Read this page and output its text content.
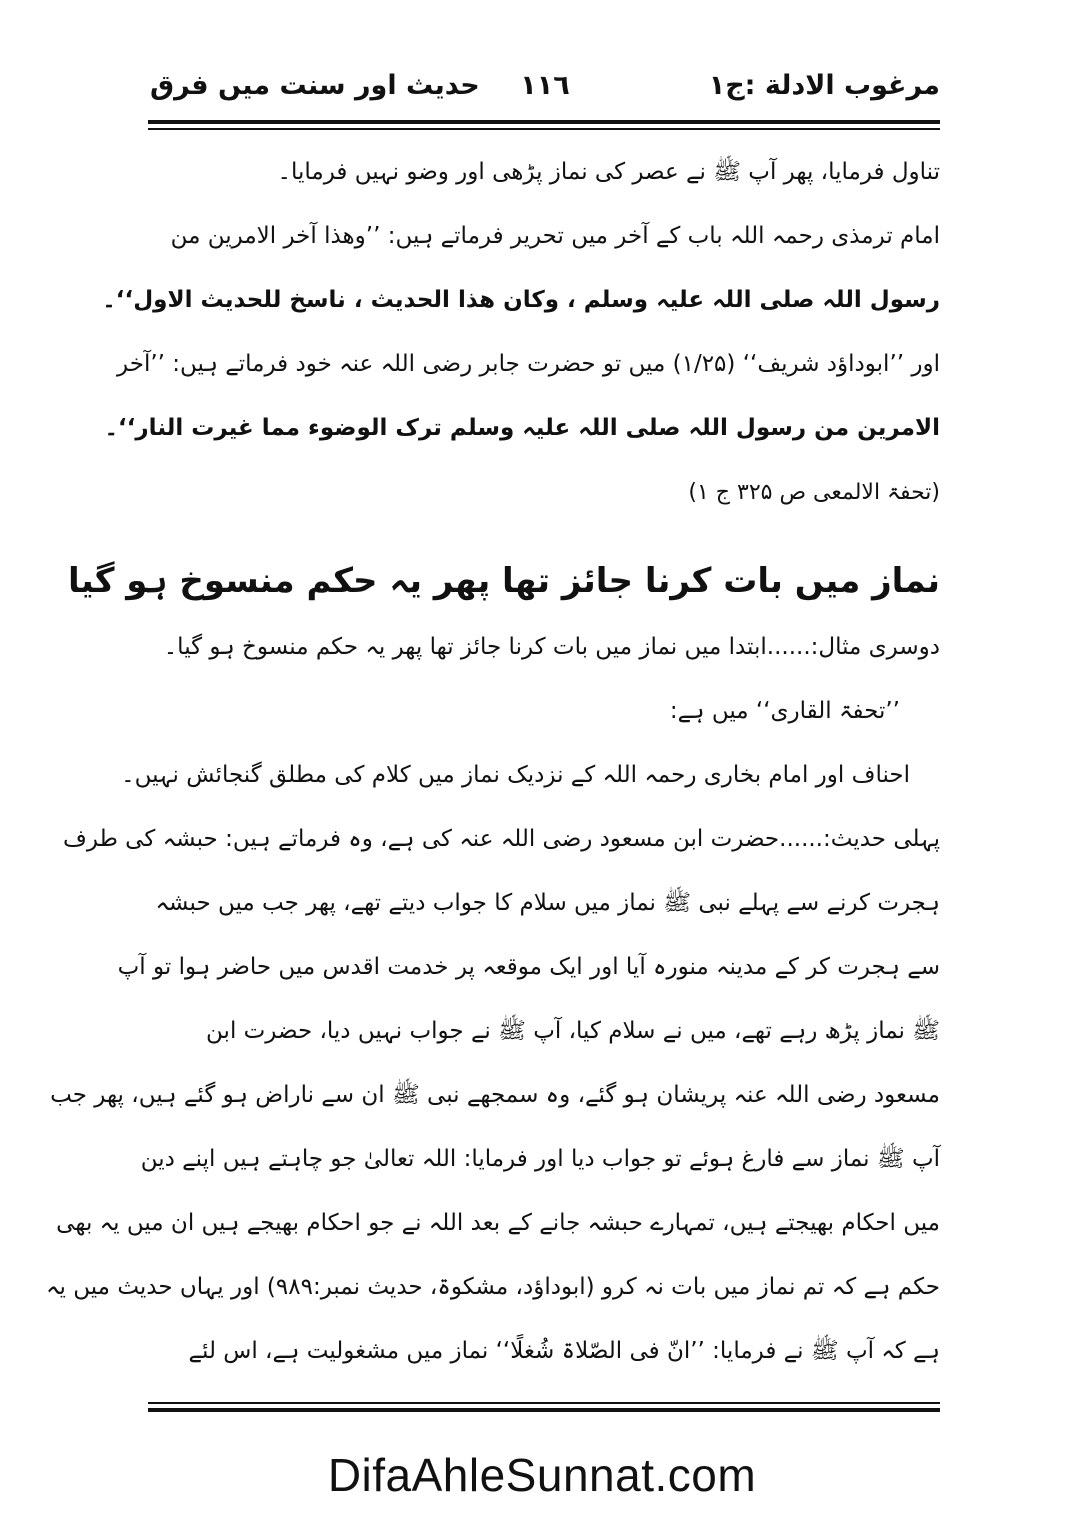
مرغوب الادلة :ج١
١١٦
حدیث اور سنت میں فرق
تناول فرمایا، پھر آپ ﷺ نے عصر کی نماز پڑھی اور وضو نہیں فرمایا۔
امام ترمذی رحمہ اللہ باب کے آخر میں تحریر فرماتے ہیں: ’’وھذا آخر الامرین من
رسول اللہ صلی اللہ علیہ وسلم ، وکان ھذا الحدیث ، ناسخ للحدیث الاول‘‘۔
اور ’’ابوداؤد شریف‘‘ (۱/۲۵) میں تو حضرت جابر رضی اللہ عنہ خود فرماتے ہیں: ’’آخر
الامرین من رسول اللہ صلی اللہ علیہ وسلم ترک الوضوء مما غیرت النار‘‘۔
(تحفۃ الالمعی ص ۳۲۵ ج ۱)
نماز میں بات کرنا جائز تھا پھر یہ حکم منسوخ ہو گیا
دوسری مثال:......ابتدا میں نماز میں بات کرنا جائز تھا پھر یہ حکم منسوخ ہو گیا۔
’’تحفۃ القاری‘‘ میں ہے:
احناف اور امام بخاری رحمہ اللہ کے نزدیک نماز میں کلام کی مطلق گنجائش نہیں۔
پہلی حدیث:......حضرت ابن مسعود رضی اللہ عنہ کی ہے، وہ فرماتے ہیں: حبشہ کی طرف
ہجرت کرنے سے پہلے نبی ﷺ نماز میں سلام کا جواب دیتے تھے، پھر جب میں حبشہ
سے ہجرت کر کے مدینہ منورہ آیا اور ایک موقعہ پر خدمت اقدس میں حاضر ہوا تو آپ
ﷺ نماز پڑھ رہے تھے، میں نے سلام کیا، آپ ﷺ نے جواب نہیں دیا، حضرت ابن
مسعود رضی اللہ عنہ پریشان ہو گئے، وہ سمجھے نبی ﷺ ان سے ناراض ہو گئے ہیں، پھر جب
آپ ﷺ نماز سے فارغ ہوئے تو جواب دیا اور فرمایا: اللہ تعالیٰ جو چاہتے ہیں اپنے دین
میں احکام بھیجتے ہیں، تمہارے حبشہ جانے کے بعد اللہ نے جو احکام بھیجے ہیں ان میں یہ بھی
حکم ہے کہ تم نماز میں بات نہ کرو (ابوداؤد، مشکوۃ، حدیث نمبر:۹۸۹) اور یہاں حدیث میں یہ
ہے کہ آپ ﷺ نے فرمایا: ’’انّ فی الصّلاۃ شُغلًا‘‘ نماز میں مشغولیت ہے، اس لئے
DifaAhleSunnat.com
